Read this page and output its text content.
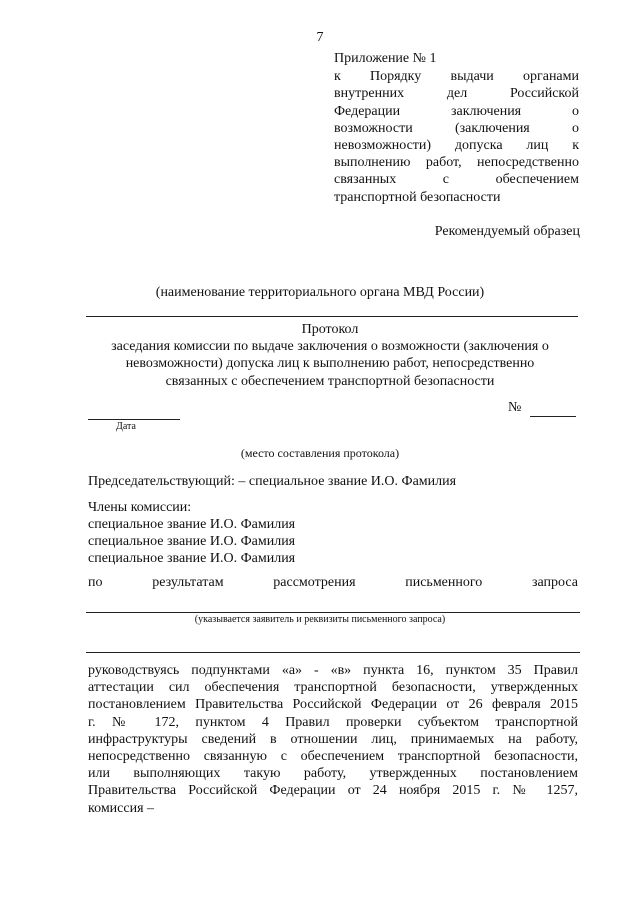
7
Приложение № 1
к Порядку выдачи органами
внутренних дел Российской
Федерации заключения о
возможности (заключения о
невозможности) допуска лиц к
выполнению работ, непосредственно
связанных с обеспечением
транспортной безопасности
Рекомендуемый образец
(наименование территориального органа МВД России)
Протокол
заседания комиссии по выдаче заключения о возможности (заключения о
невозможности) допуска лиц к выполнению работ, непосредственно
связанных с обеспечением транспортной безопасности
Дата
№
(место составления протокола)
Председательствующий: – специальное звание И.О. Фамилия
Члены комиссии:
специальное звание И.О. Фамилия
специальное звание И.О. Фамилия
специальное звание И.О. Фамилия
по результатам рассмотрения письменного запроса
(указывается заявитель и реквизиты письменного запроса)
руководствуясь подпунктами «а» - «в» пункта 16, пунктом 35 Правил
аттестации сил обеспечения транспортной безопасности, утвержденных
постановлением Правительства Российской Федерации от 26 февраля 2015
г. № 172, пунктом 4 Правил проверки субъектом транспортной
инфраструктуры сведений в отношении лиц, принимаемых на работу,
непосредственно связанную с обеспечением транспортной безопасности,
или выполняющих такую работу, утвержденных постановлением
Правительства Российской Федерации от 24 ноября 2015 г. № 1257,
комиссия –
